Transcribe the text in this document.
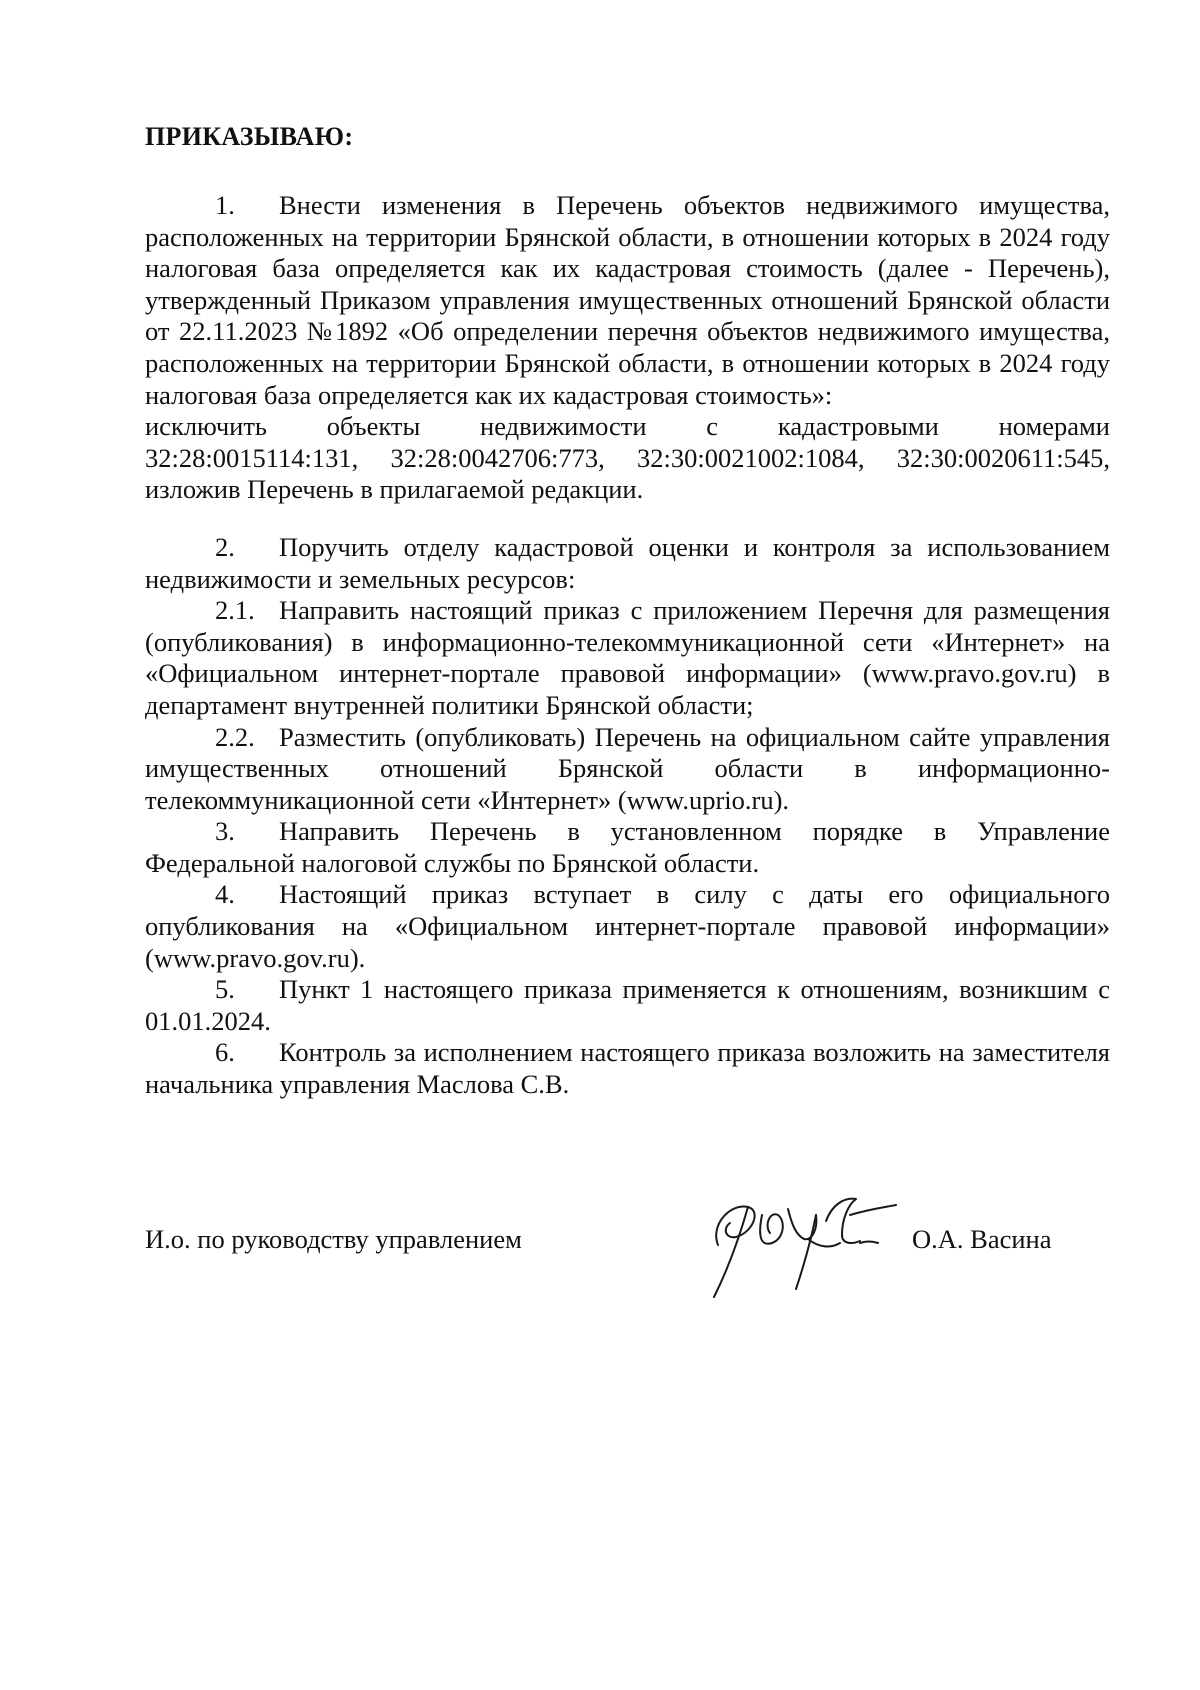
ПРИКАЗЫВАЮ:

1. Внести изменения в Перечень объектов недвижимого имущества, расположенных на территории Брянской области, в отношении которых в 2024 году налоговая база определяется как их кадастровая стоимость (далее - Перечень), утвержденный Приказом управления имущественных отношений Брянской области от 22.11.2023 №1892 «Об определении перечня объектов недвижимого имущества, расположенных на территории Брянской области, в отношении которых в 2024 году налоговая база определяется как их кадастровая стоимость»:

исключить объекты недвижимости с кадастровыми номерами

32:28:0015114:131, 32:28:0042706:773, 32:30:0021002:1084, 32:30:0020611:545,

изложив Перечень в прилагаемой редакции.

2. Поручить отделу кадастровой оценки и контроля за использованием недвижимости и земельных ресурсов:

2.1. Направить настоящий приказ с приложением Перечня для размещения (опубликования) в информационно-телекоммуникационной сети «Интернет» на «Официальном интернет-портале правовой информации» (www.pravo.gov.ru) в департамент внутренней политики Брянской области;

2.2. Разместить (опубликовать) Перечень на официальном сайте управления имущественных отношений Брянской области в информационно-телекоммуникационной сети «Интернет» (www.uprio.ru).

3. Направить Перечень в установленном порядке в Управление Федеральной налоговой службы по Брянской области.

4. Настоящий приказ вступает в силу с даты его официального опубликования на «Официальном интернет-портале правовой информации» (www.pravo.gov.ru).

5. Пункт 1 настоящего приказа применяется к отношениям, возникшим с 01.01.2024.

6. Контроль за исполнением настоящего приказа возложить на заместителя начальника управления Маслова С.В.

И.о. по руководству управлением	О.А. Васина
